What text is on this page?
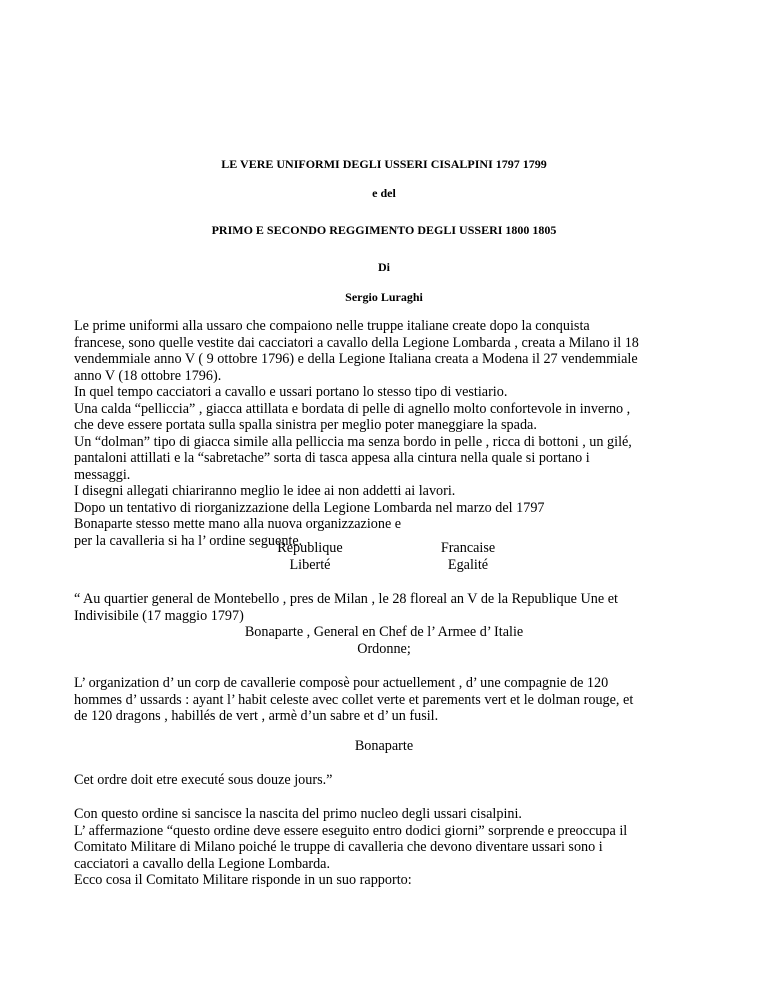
LE VERE UNIFORMI DEGLI USSERI CISALPINI 1797 1799
e del
PRIMO E SECONDO REGGIMENTO DEGLI USSERI 1800 1805
Di
Sergio Luraghi
Le prime uniformi alla ussaro che compaiono nelle truppe italiane create dopo la conquista
francese, sono quelle vestite dai cacciatori a cavallo della Legione Lombarda , creata a Milano il 18
vendemmiale anno V ( 9 ottobre 1796) e della Legione Italiana creata a Modena il 27 vendemmiale
anno V (18 ottobre 1796).
In quel tempo cacciatori a cavallo e ussari portano lo stesso tipo di vestiario.
Una calda “pelliccia” , giacca attillata e bordata di pelle di agnello molto confortevole in inverno ,
che deve essere portata sulla spalla sinistra per meglio poter maneggiare la spada.
Un “dolman” tipo di giacca simile alla pelliccia ma senza bordo in pelle , ricca di bottoni , un gilé,
pantaloni attillati e la “sabretache” sorta di tasca appesa alla cintura nella quale si portano i
messaggi.
I disegni allegati chiariranno meglio le idee ai non addetti ai lavori.
Dopo un tentativo di riorganizzazione della Legione Lombarda nel marzo del 1797
Bonaparte stesso mette mano alla nuova organizzazione e
per la cavalleria si ha l’ ordine seguente.
Republique
Liberté
Francaise
Egalité
“ Au quartier general de Montebello , pres de Milan , le 28 floreal an V de la Republique Une et
Indivisibile (17 maggio 1797)
Bonaparte , General en Chef de l’ Armee d’ Italie
Ordonne;
L’ organization d’ un corp de cavallerie composè pour actuellement , d’ une compagnie de 120
hommes d’ ussards : ayant l’ habit celeste avec collet verte et parements vert et le dolman rouge, et
de 120 dragons , habillés de vert , armè d’un sabre et d’ un fusil.
Bonaparte
Cet ordre doit etre executé sous douze jours.”
Con questo ordine si sancisce la nascita del primo nucleo degli ussari cisalpini.
L’ affermazione “questo ordine deve essere eseguito entro dodici giorni” sorprende e preoccupa il
Comitato Militare di Milano poiché le truppe di cavalleria che devono diventare ussari sono i
cacciatori a cavallo della Legione Lombarda.
Ecco cosa il Comitato Militare risponde in un suo rapporto:
